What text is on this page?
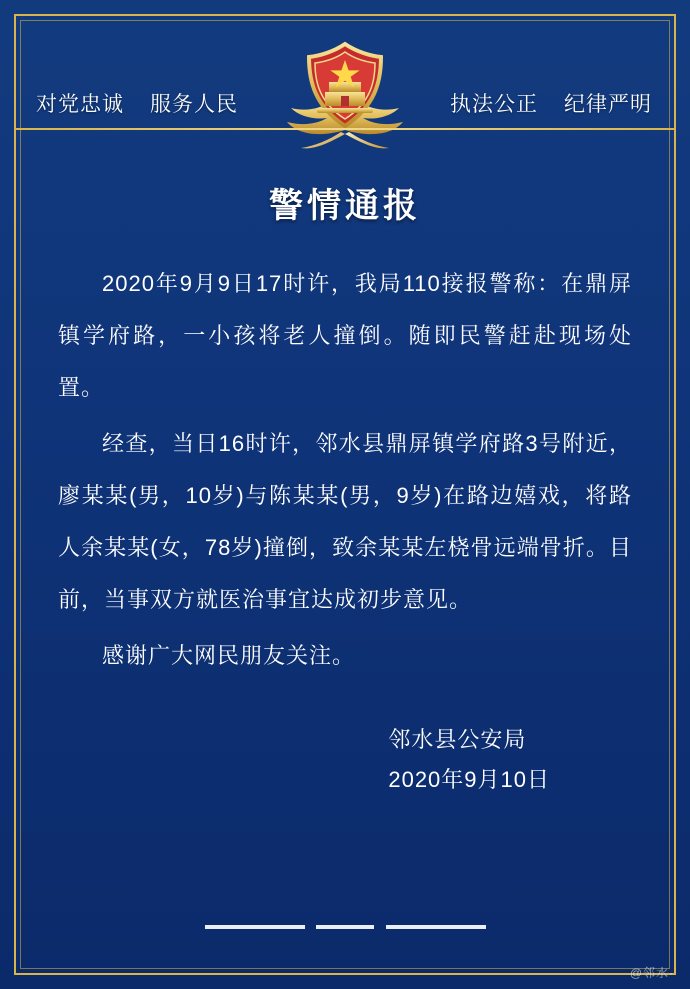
对党忠诚 服务人民	执法公正 纪律严明
警情通报

2020年9月9日17时许，我局110接报警称：在鼎屏镇学府路，一小孩将老人撞倒。随即民警赶赴现场处置。

经查，当日16时许，邻水县鼎屏镇学府路3号附近，廖某某(男，10岁)与陈某某(男，9岁)在路边嬉戏，将路人余某某(女，78岁)撞倒，致余某某左桡骨远端骨折。目前，当事双方就医治事宜达成初步意见。

感谢广大网民朋友关注。

邻水县公安局
2020年9月10日
@邻水·
